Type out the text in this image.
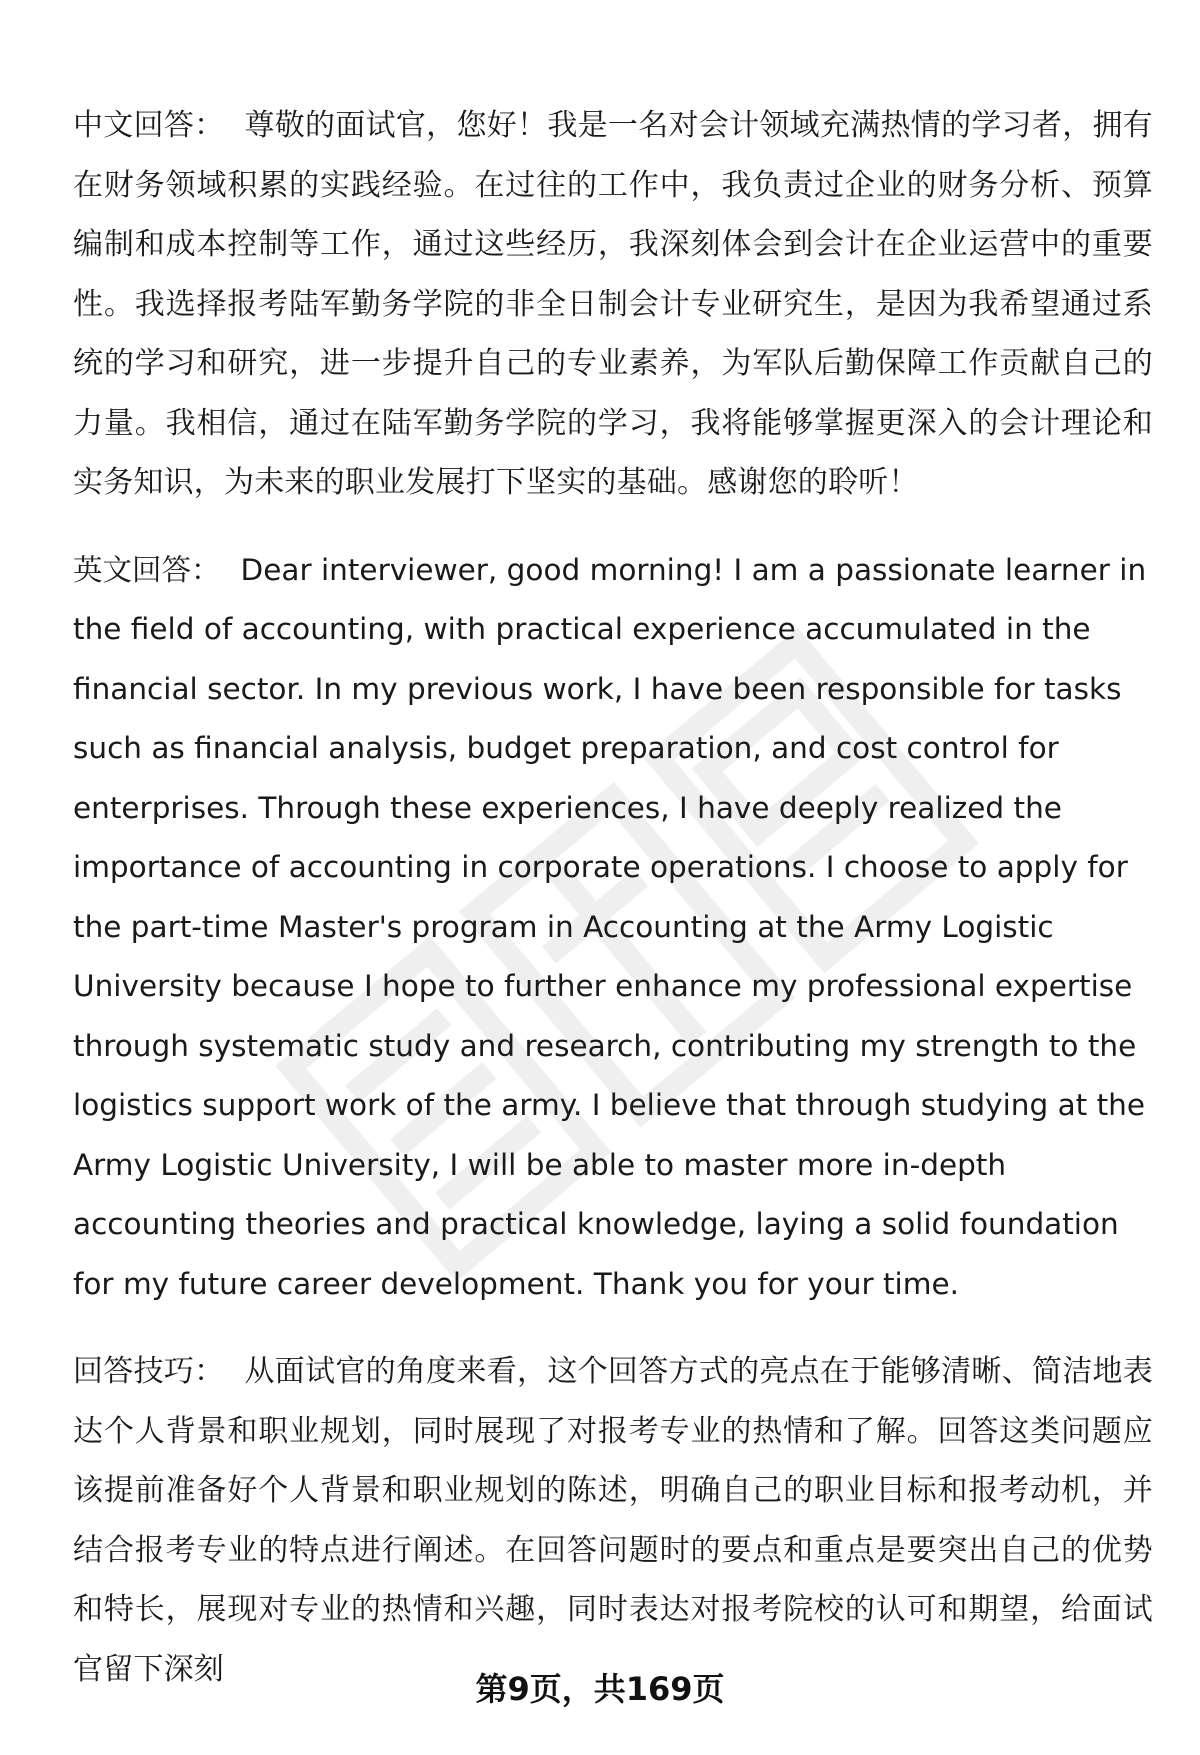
中文回答： 尊敬的面试官，您好！我是一名对会计领域充满热情的学习者，拥有在财务领域积累的实践经验。在过往的工作中，我负责过企业的财务分析、预算编制和成本控制等工作，通过这些经历，我深刻体会到会计在企业运营中的重要性。我选择报考陆军勤务学院的非全日制会计专业研究生，是因为我希望通过系统的学习和研究，进一步提升自己的专业素养，为军队后勤保障工作贡献自己的力量。我相信，通过在陆军勤务学院的学习，我将能够掌握更深入的会计理论和实务知识，为未来的职业发展打下坚实的基础。感谢您的聆听！

英文回答： Dear interviewer, good morning! I am a passionate learner in the field of accounting, with practical experience accumulated in the financial sector. In my previous work, I have been responsible for tasks such as financial analysis, budget preparation, and cost control for enterprises. Through these experiences, I have deeply realized the importance of accounting in corporate operations. I choose to apply for the part-time Master's program in Accounting at the Army Logistic University because I hope to further enhance my professional expertise through systematic study and research, contributing my strength to the logistics support work of the army. I believe that through studying at the Army Logistic University, I will be able to master more in-depth accounting theories and practical knowledge, laying a solid foundation for my future career development. Thank you for your time.

回答技巧： 从面试官的角度来看，这个回答方式的亮点在于能够清晰、简洁地表达个人背景和职业规划，同时展现了对报考专业的热情和了解。回答这类问题应该提前准备好个人背景和职业规划的陈述，明确自己的职业目标和报考动机，并结合报考专业的特点进行阐述。在回答问题时的要点和重点是要突出自己的优势和特长，展现对专业的热情和兴趣，同时表达对报考院校的认可和期望，给面试官留下深刻

第9页，共169页
